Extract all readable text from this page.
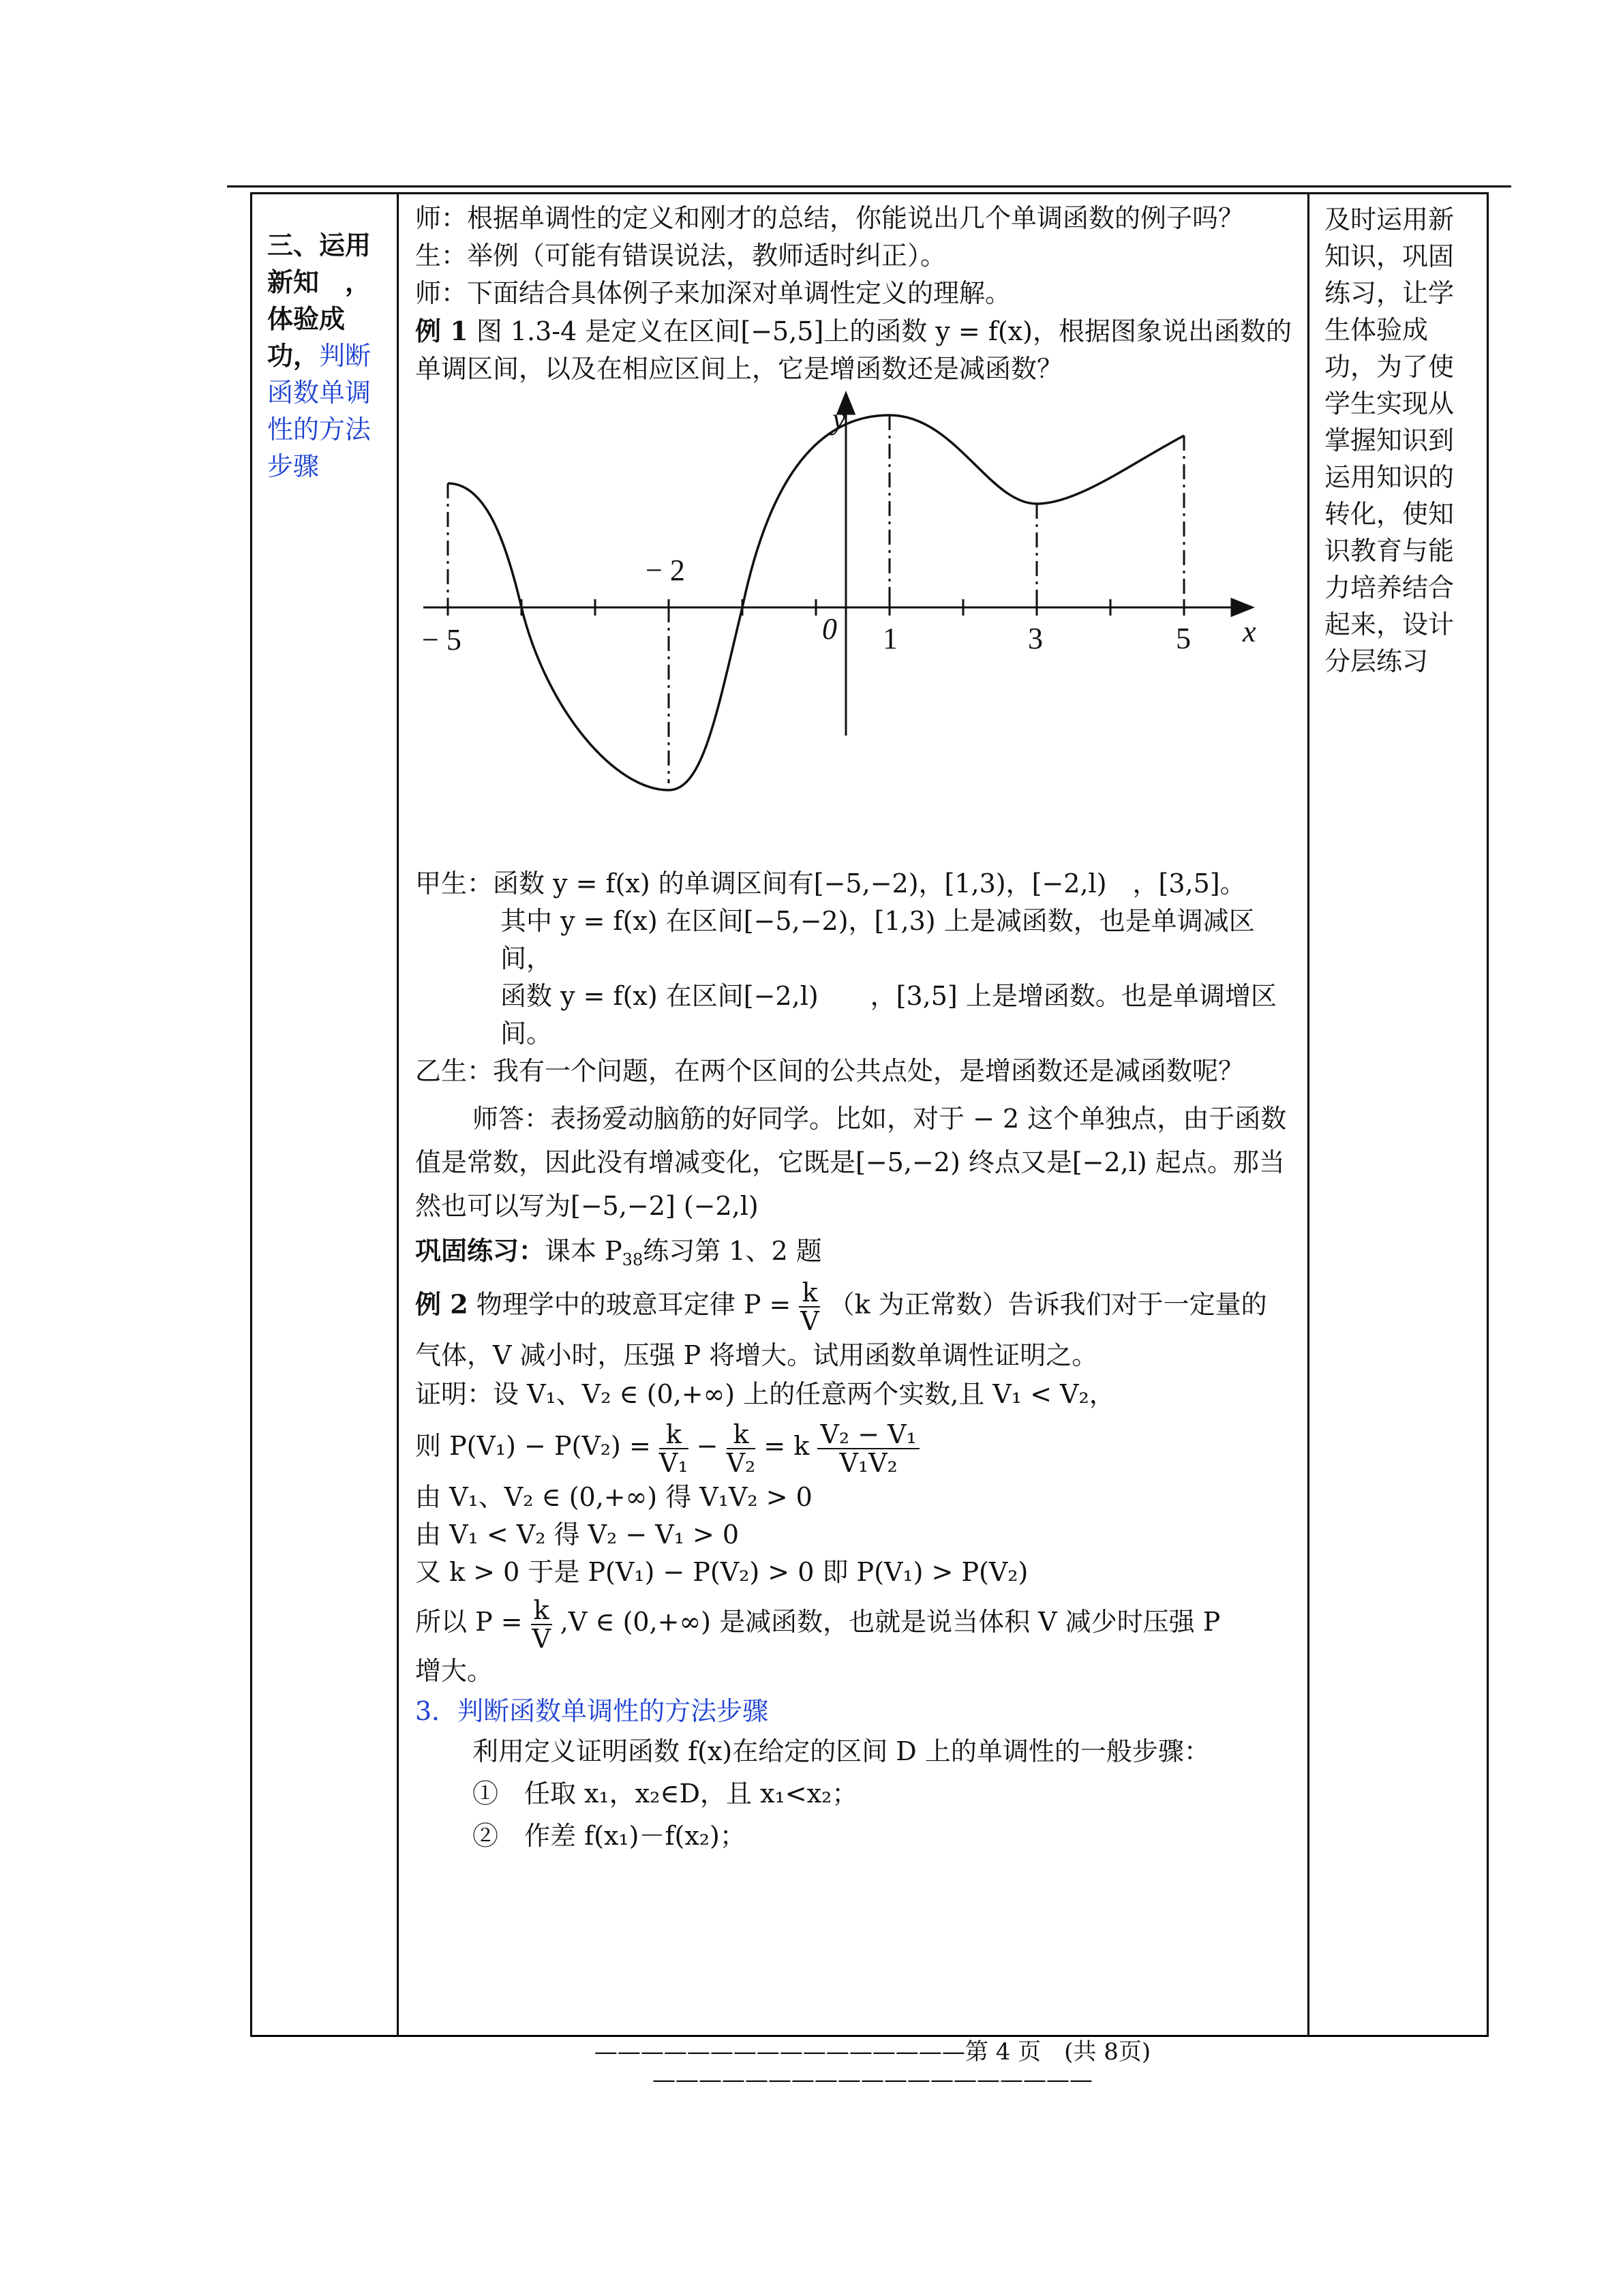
三、运用新知　，体验成功，判断函数单调性的方法步骤

师：根据单调性的定义和刚才的总结，你能说出几个单调函数的例子吗？

生：举例（可能有错误说法，教师适时纠正）。

师：下面结合具体例子来加深对单调性定义的理解。

例 1 图 1.3-4 是定义在区间[−5,5]上的函数 y = f(x)，根据图象说出函数的单调区间，以及在相应区间上，它是增函数还是减函数？

y
x
0
− 5
− 2
1	3	5

甲生：函数 y = f(x) 的单调区间有[−5,−2)，[1,3)，[−2,l)　，[3,5]。

其中 y = f(x) 在区间[−5,−2)，[1,3) 上是减函数，也是单调减区间，

函数 y = f(x) 在区间[−2,l)　　，[3,5] 上是增函数。也是单调增区间。

乙生：我有一个问题，在两个区间的公共点处，是增函数还是减函数呢？

师答：表扬爱动脑筋的好同学。比如，对于 − 2 这个单独点，由于函数值是常数，因此没有增减变化，它既是[−5,−2) 终点又是[−2,l) 起点。那当然也可以写为[−5,−2] (−2,l)

巩固练习：课本 $P_{38}$练习第 1、2 题

例 2 物理学中的玻意耳定律 $P = \frac{k}{V} (k$ 为正常数）告诉我们对于一定量的气体，V 减小时，压强 P 将增大。试用函数单调性证明之。

证明：设 V₁、V₂ ∈ (0,+∞) 上的任意两个实数,且 V₁ < V₂，

则 $P(V_1) - P(V_2) = \frac{k}{\text{V₁}} - \frac{k}{\text{V₂}} = k \frac{\text{V₂ − V₁}}{\text{V₁V₂}}$

由 V₁、V₂ ∈ (0,+∞) 得 V₁V₂ > 0

由 V₁ < V₂ 得 V₂ − V₁ > 0

又 k > 0 于是 P(V₁) − P(V₂) > 0 即 P(V₁) > P(V₂)

所以 $P = \frac{k}{V} ,V$ ∈ (0,+∞) 是减函数，也就是说当体积 V 减少时压强 P

增大。

3．判断函数单调性的方法步骤

利用定义证明函数 f(x)在给定的区间 D 上的单调性的一般步骤：

①　任取 x₁，x₂∈D，且 x₁<x₂；

②　作差 f(x₁)－f(x₂)；

及时运用新知识，巩固练习，让学生体验成功，为了使学生实现从掌握知识到运用知识的转化，使知识教育与能力培养结合起来，设计分层练习
————————————————第 4 页　(共 8页) ———————————————————
